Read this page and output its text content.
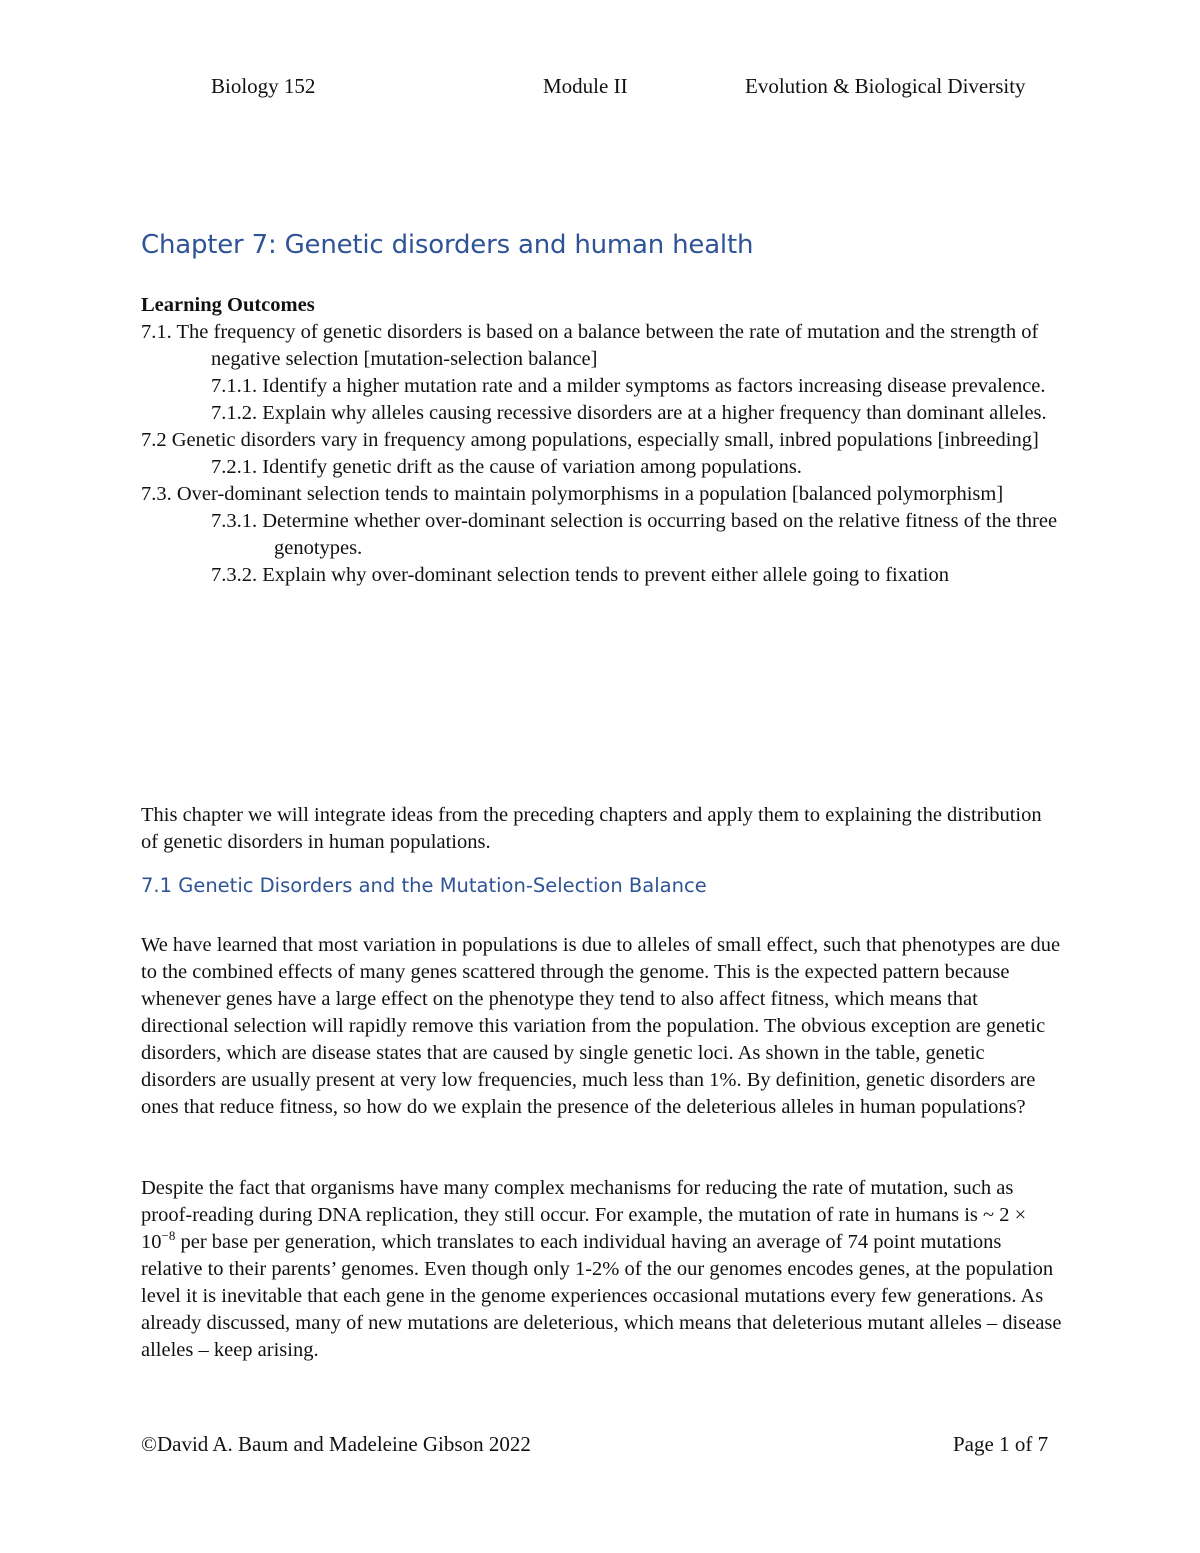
Biology 152	Module II	Evolution & Biological Diversity
Chapter 7: Genetic disorders and human health
Learning Outcomes
7.1. The frequency of genetic disorders is based on a balance between the rate of mutation and the strength of negative selection [mutation-selection balance]
7.1.1. Identify a higher mutation rate and a milder symptoms as factors increasing disease prevalence.
7.1.2. Explain why alleles causing recessive disorders are at a higher frequency than dominant alleles.
7.2 Genetic disorders vary in frequency among populations, especially small, inbred populations [inbreeding]
7.2.1. Identify genetic drift as the cause of variation among populations.
7.3. Over-dominant selection tends to maintain polymorphisms in a population [balanced polymorphism]
7.3.1. Determine whether over-dominant selection is occurring based on the relative fitness of the three genotypes.
7.3.2. Explain why over-dominant selection tends to prevent either allele going to fixation

This chapter we will integrate ideas from the preceding chapters and apply them to explaining the distribution of genetic disorders in human populations.

7.1 Genetic Disorders and the Mutation-Selection Balance

We have learned that most variation in populations is due to alleles of small effect, such that phenotypes are due to the combined effects of many genes scattered through the genome. This is the expected pattern because whenever genes have a large effect on the phenotype they tend to also affect fitness, which means that directional selection will rapidly remove this variation from the population. The obvious exception are genetic disorders, which are disease states that are caused by single genetic loci. As shown in the table, genetic disorders are usually present at very low frequencies, much less than 1%. By definition, genetic disorders are ones that reduce fitness, so how do we explain the presence of the deleterious alleles in human populations?

Despite the fact that organisms have many complex mechanisms for reducing the rate of mutation, such as proof-reading during DNA replication, they still occur. For example, the mutation of rate in humans is ~ $2 \times 10^{-8}$ per base per generation, which translates to each individual having an average of 74 point mutations relative to their parents’ genomes. Even though only 1-2% of the our genomes encodes genes, at the population level it is inevitable that each gene in the genome experiences occasional mutations every few generations. As already discussed, many of new mutations are deleterious, which means that deleterious mutant alleles – disease alleles – keep arising.

©David A. Baum and Madeleine Gibson 2022	Page 1 of 7
